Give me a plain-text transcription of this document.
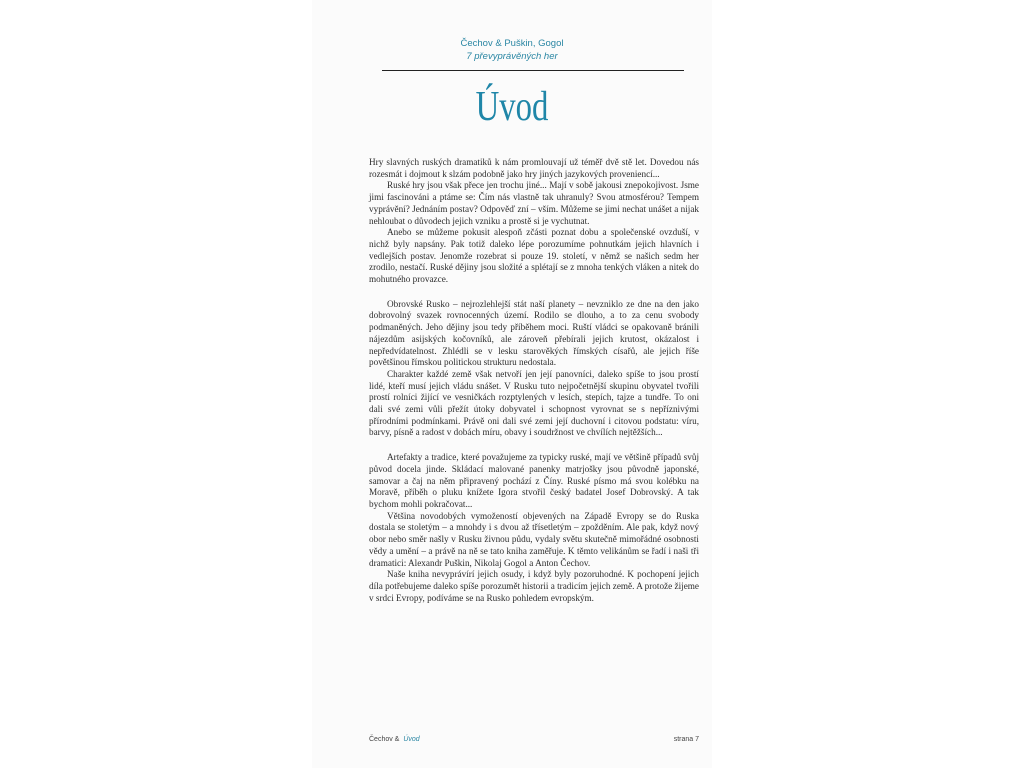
Čechov & Puškin, Gogol
7 převyprávěných her
Úvod

Hry slavných ruských dramatiků k nám promlouvají už téměř dvě stě let. Dovedou nás rozesmát i dojmout k slzám podobně jako hry jiných jazykových proveniencí...

Ruské hry jsou však přece jen trochu jiné... Mají v sobě jakousi znepokojivost. Jsme jimi fascinováni a ptáme se: Čím nás vlastně tak uhranuly? Svou atmosférou? Tempem vyprávění? Jednáním postav? Odpověď zní – vším. Můžeme se jimi nechat unášet a nijak nehloubat o důvodech jejich vzniku a prostě si je vychutnat.

Anebo se můžeme pokusit alespoň zčásti poznat dobu a společenské ovzduší, v nichž byly napsány. Pak totiž daleko lépe porozumíme pohnutkám jejich hlavních i vedlejších postav. Jenomže rozebrat si pouze 19. století, v němž se našich sedm her zrodilo, nestačí. Ruské dějiny jsou složité a splétají se z mnoha tenkých vláken a nitek do mohutného provazce.

Obrovské Rusko – nejrozlehlejší stát naší planety – nevzniklo ze dne na den jako dobrovolný svazek rovnocenných území. Rodilo se dlouho, a to za cenu svobody podmaněných. Jeho dějiny jsou tedy příběhem moci. Ruští vládci se opakovaně bránili nájezdům asijských kočovníků, ale zároveň přebírali jejich krutost, okázalost i nepředvídatelnost. Zhlédli se v lesku starověkých římských císařů, ale jejich říše povětšinou římskou politickou strukturu nedostala.

Charakter každé země však netvoří jen její panovníci, daleko spíše to jsou prostí lidé, kteří musí jejich vládu snášet. V Rusku tuto nejpočetnější skupinu obyvatel tvořili prostí rolníci žijící ve vesničkách rozptylených v lesích, stepích, tajze a tundře. To oni dali své zemi vůli přežít útoky dobyvatel i schopnost vyrovnat se s nepříznivými přírodními podmínkami. Právě oni dali své zemi její duchovní i citovou podstatu: víru, barvy, písně a radost v dobách míru, obavy i soudržnost ve chvílích nejtěžších...

Artefakty a tradice, které považujeme za typicky ruské, mají ve většině případů svůj původ docela jinde. Skládací malované panenky matrjošky jsou původně japonské, samovar a čaj na něm připravený pochází z Číny. Ruské písmo má svou kolébku na Moravě, příběh o pluku knížete Igora stvořil český badatel Josef Dobrovský. A tak bychom mohli pokračovat...

Většina novodobých vymožeností objevených na Západě Evropy se do Ruska dostala se stoletým – a mnohdy i s dvou až třísetletým – zpožděním. Ale pak, když nový obor nebo směr našly v Rusku živnou půdu, vydaly světu skutečně mimořádné osobnosti vědy a umění – a právě na ně se tato kniha zaměřuje. K těmto velikánům se řadí i naši tři dramatici: Alexandr Puškin, Nikolaj Gogol a Anton Čechov.

Naše kniha nevyprávírí jejich osudy, i když byly pozoruhodné. K pochopení jejich díla potřebujeme daleko spíše porozumět historii a tradicím jejich země. A protože žijeme v srdci Evropy, podíváme se na Rusko pohledem evropským.

Čechov & Úvod	strana 7
